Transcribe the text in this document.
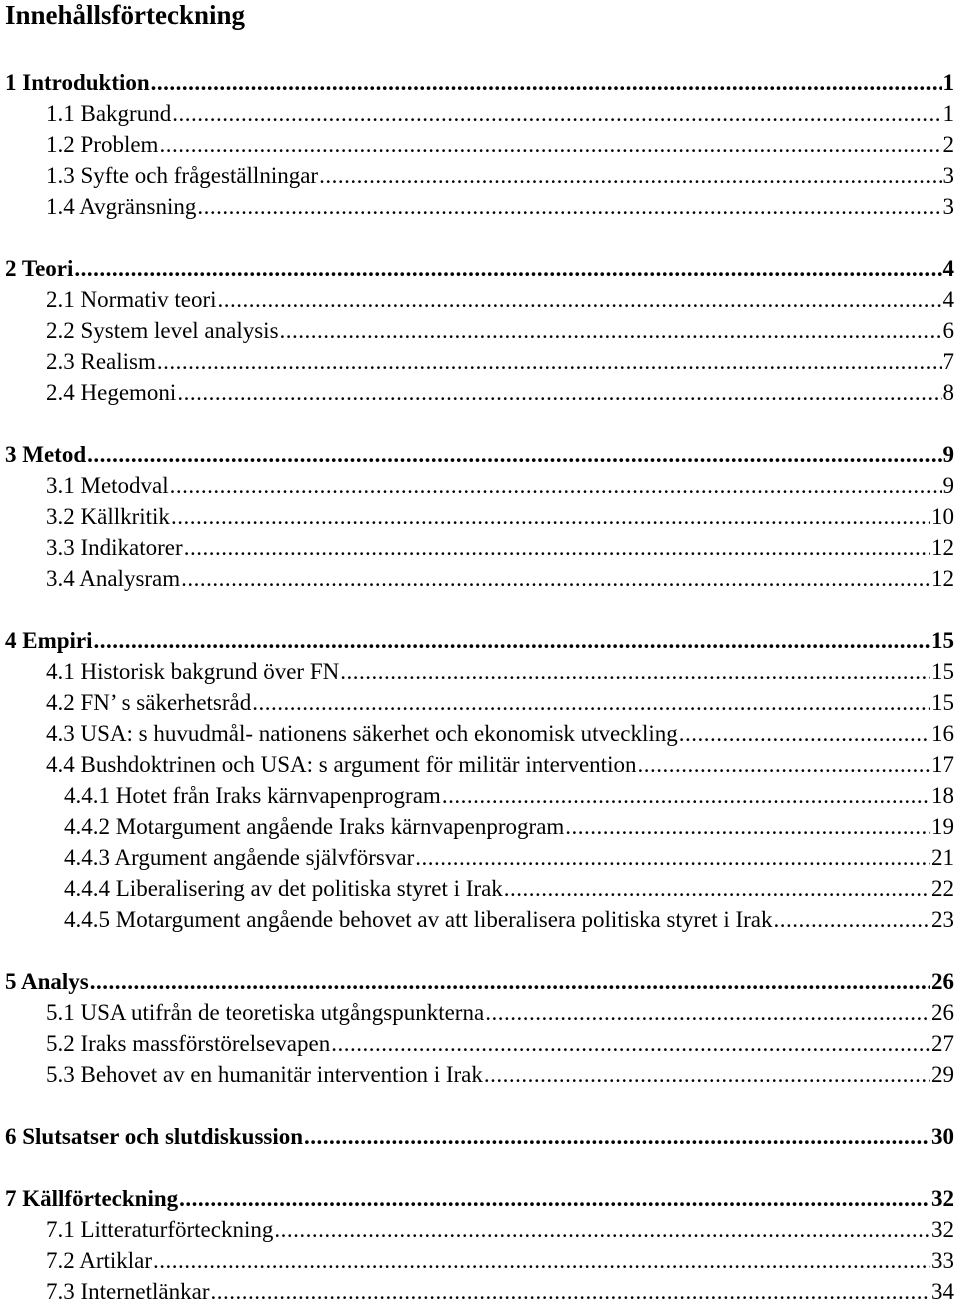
Innehållsförteckning
1 Introduktion .....	1
1.1 Bakgrund .....	1
1.2 Problem .....	2
1.3 Syfte och frågeställningar .....	3
1.4 Avgränsning .....	3
2 Teori .....	4
2.1 Normativ teori .....	4
2.2 System level analysis .....	6
2.3 Realism .....	7
2.4 Hegemoni .....	8
3 Metod .....	9
3.1 Metodval .....	9
3.2 Källkritik .....	10
3.3 Indikatorer .....	12
3.4 Analysram .....	12
4 Empiri .....	15
4.1 Historisk bakgrund över FN .....	15
4.2 FN’ s säkerhetsråd .....	15
4.3 USA: s huvudmål- nationens säkerhet och ekonomisk utveckling .....	16
4.4 Bushdoktrinen och USA: s argument för militär intervention .....	17
4.4.1 Hotet från Iraks kärnvapenprogram .....	18
4.4.2 Motargument angående Iraks kärnvapenprogram .....	19
4.4.3 Argument angående självförsvar .....	21
4.4.4 Liberalisering av det politiska styret i Irak .....	22
4.4.5 Motargument angående behovet av att liberalisera politiska styret i Irak .....	23
5 Analys .....	26
5.1 USA utifrån de teoretiska utgångspunkterna .....	26
5.2 Iraks massförstörelsevapen .....	27
5.3 Behovet av en humanitär intervention i Irak .....	29
6 Slutsatser och slutdiskussion .....	30
7 Källförteckning .....	32
7.1 Litteraturförteckning .....	32
7.2 Artiklar .....	33
7.3 Internetlänkar .....	34
